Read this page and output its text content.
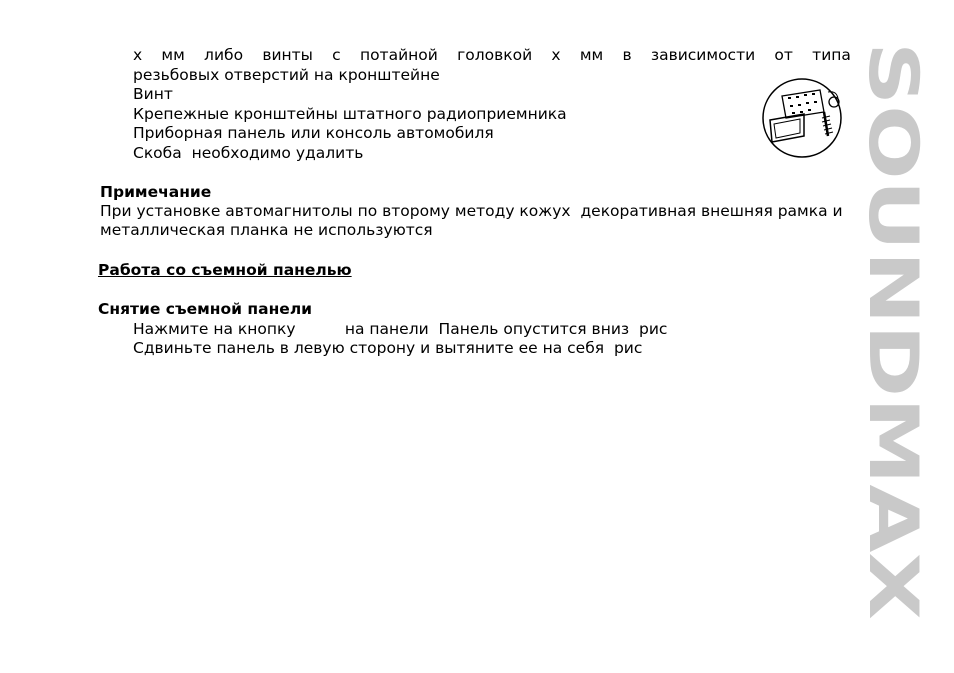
х мм либо винты с потайной головкой х мм в зависимости от типа
резьбовых отверстий на кронштейне
Винт
Крепежные кронштейны штатного радиоприемника
Приборная панель или консоль автомобиля
Скоба  необходимо удалить
Примечание
При установке автомагнитолы по второму методу кожух  декоративная внешняя рамка и
металлическая планка не используются
Работа со съемной панелью
Снятие съемной панели
Нажмите на кнопку          на панели  Панель опустится вниз  рис
Сдвиньте панель в левую сторону и вытяните ее на себя  рис	SOUNDMAX
